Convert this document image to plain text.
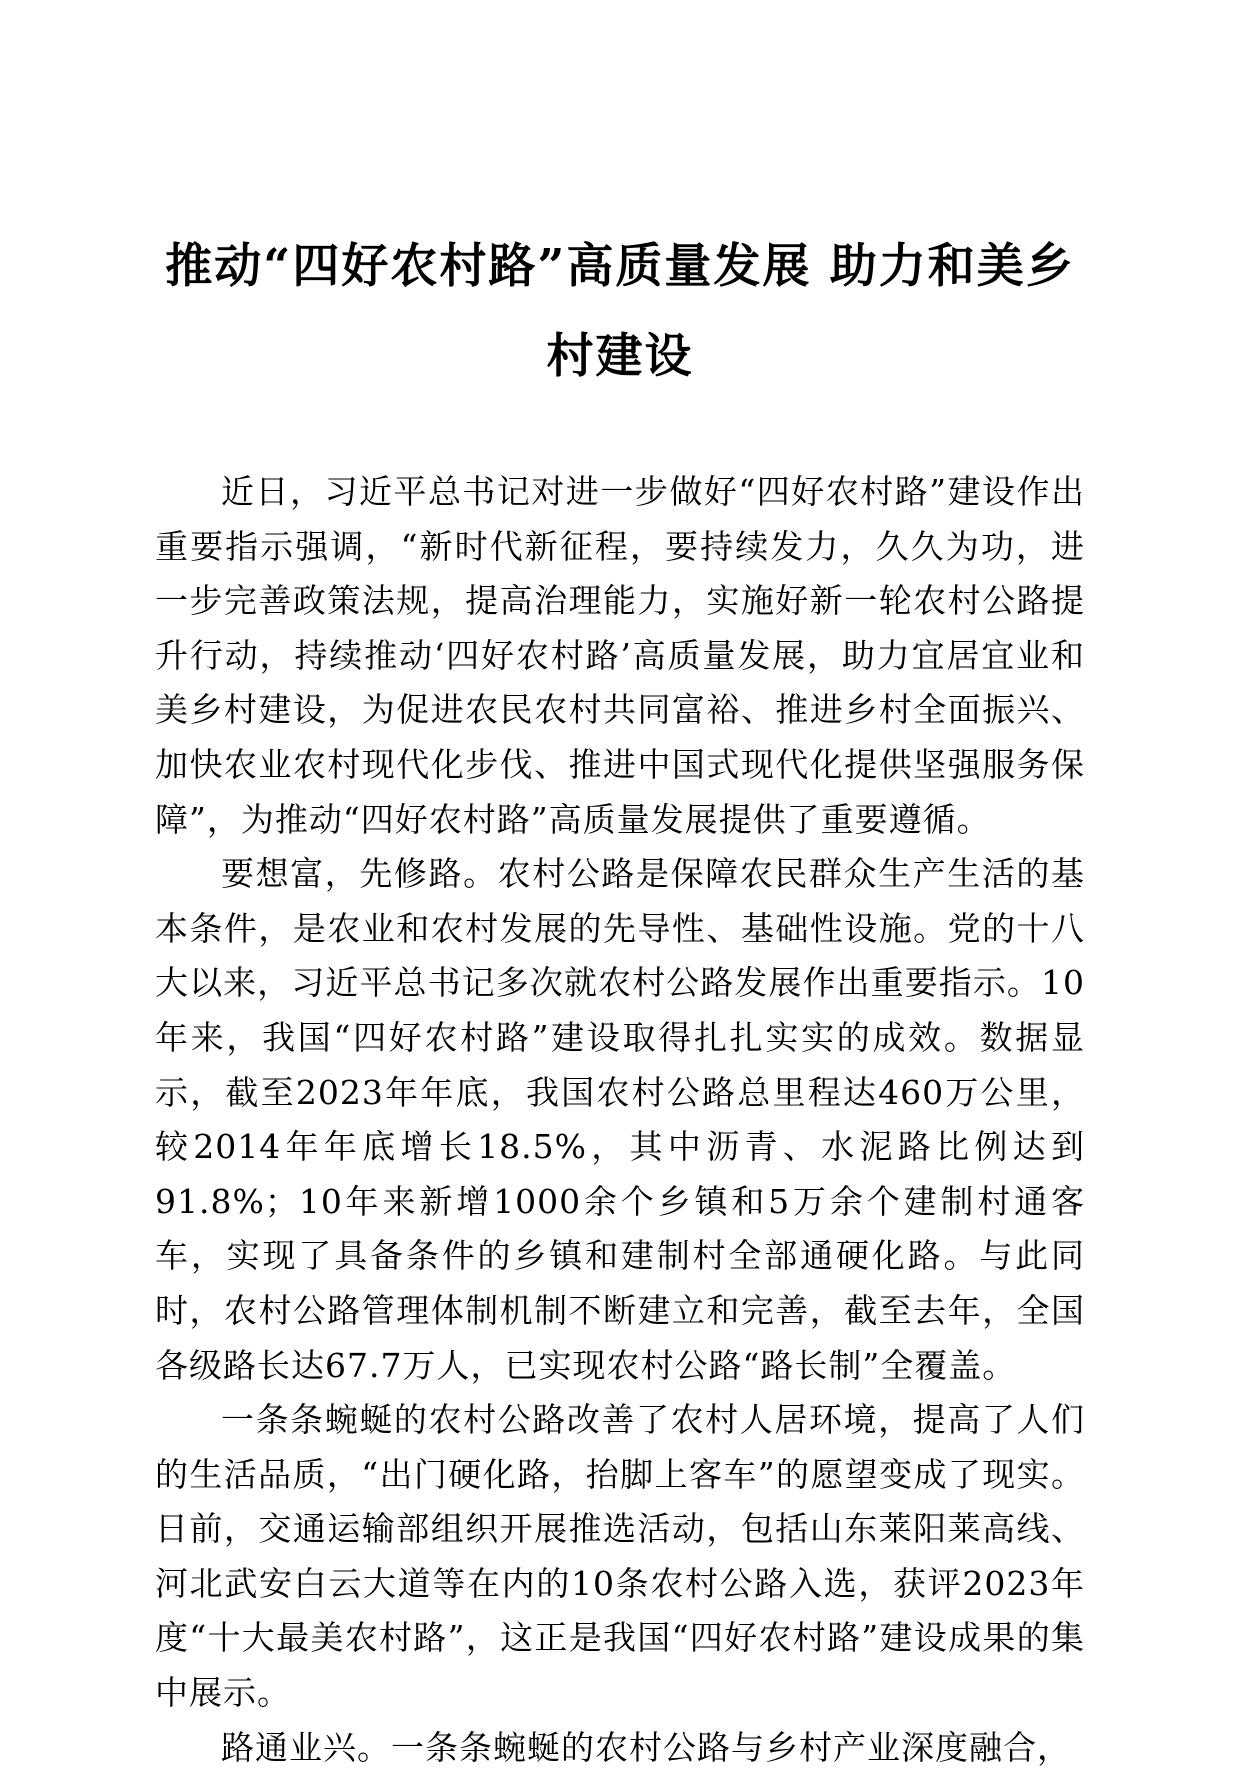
推动“四好农村路”高质量发展 助力和美乡
村建设

近日，习近平总书记对进一步做好“四好农村路”建设作出重要指示强调，“新时代新征程，要持续发力，久久为功，进一步完善政策法规，提高治理能力，实施好新一轮农村公路提升行动，持续推动‘四好农村路’高质量发展，助力宜居宜业和美乡村建设，为促进农民农村共同富裕、推进乡村全面振兴、加快农业农村现代化步伐、推进中国式现代化提供坚强服务保障”，为推动“四好农村路”高质量发展提供了重要遵循。

要想富，先修路。农村公路是保障农民群众生产生活的基本条件，是农业和农村发展的先导性、基础性设施。党的十八大以来，习近平总书记多次就农村公路发展作出重要指示。10年来，我国“四好农村路”建设取得扎扎实实的成效。数据显示，截至2023年年底，我国农村公路总里程达460万公里，较2014年年底增长18.5%，其中沥青、水泥路比例达到91.8%；10年来新增1000余个乡镇和5万余个建制村通客车，实现了具备条件的乡镇和建制村全部通硬化路。与此同时，农村公路管理体制机制不断建立和完善，截至去年，全国各级路长达67.7万人，已实现农村公路“路长制”全覆盖。

一条条蜿蜒的农村公路改善了农村人居环境，提高了人们的生活品质，“出门硬化路，抬脚上客车”的愿望变成了现实。日前，交通运输部组织开展推选活动，包括山东莱阳莱高线、河北武安白云大道等在内的10条农村公路入选，获评2023年度“十大最美农村路”，这正是我国“四好农村路”建设成果的集中展示。

路通业兴。一条条蜿蜒的农村公路与乡村产业深度融合，
